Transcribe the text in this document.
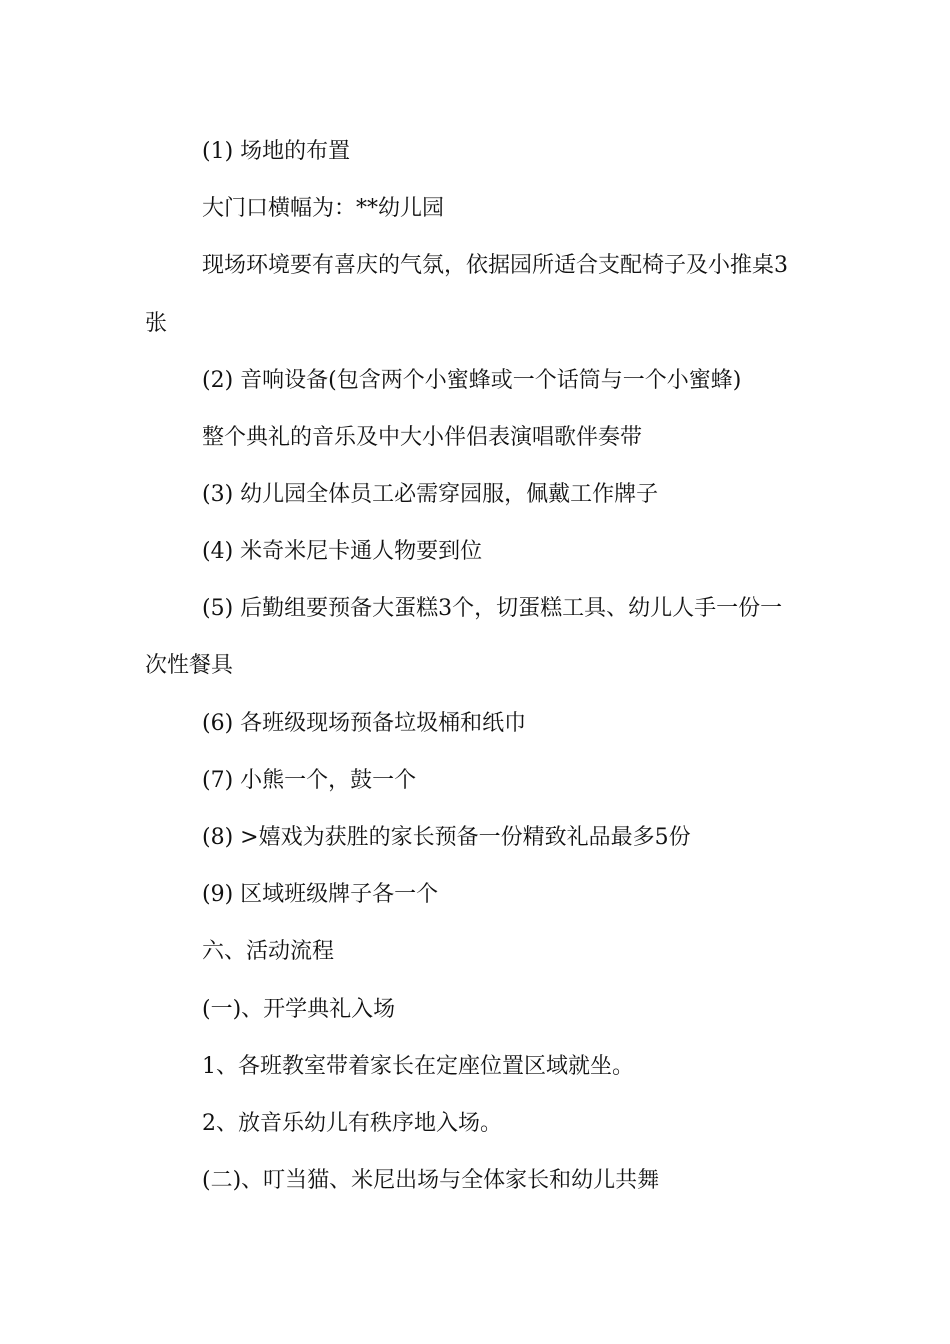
(1) 场地的布置
大门口横幅为：**幼儿园
现场环境要有喜庆的气氛，依据园所适合支配椅子及小推桌3
张
(2) 音响设备(包含两个小蜜蜂或一个话筒与一个小蜜蜂)
整个典礼的音乐及中大小伴侣表演唱歌伴奏带
(3) 幼儿园全体员工必需穿园服，佩戴工作牌子
(4) 米奇米尼卡通人物要到位
(5) 后勤组要预备大蛋糕3个，切蛋糕工具、幼儿人手一份一
次性餐具
(6) 各班级现场预备垃圾桶和纸巾
(7) 小熊一个，鼓一个
(8) >嬉戏为获胜的家长预备一份精致礼品最多5份
(9) 区域班级牌子各一个
六、活动流程
(一)、开学典礼入场
1、各班教室带着家长在定座位置区域就坐。
2、放音乐幼儿有秩序地入场。
(二)、叮当猫、米尼出场与全体家长和幼儿共舞
